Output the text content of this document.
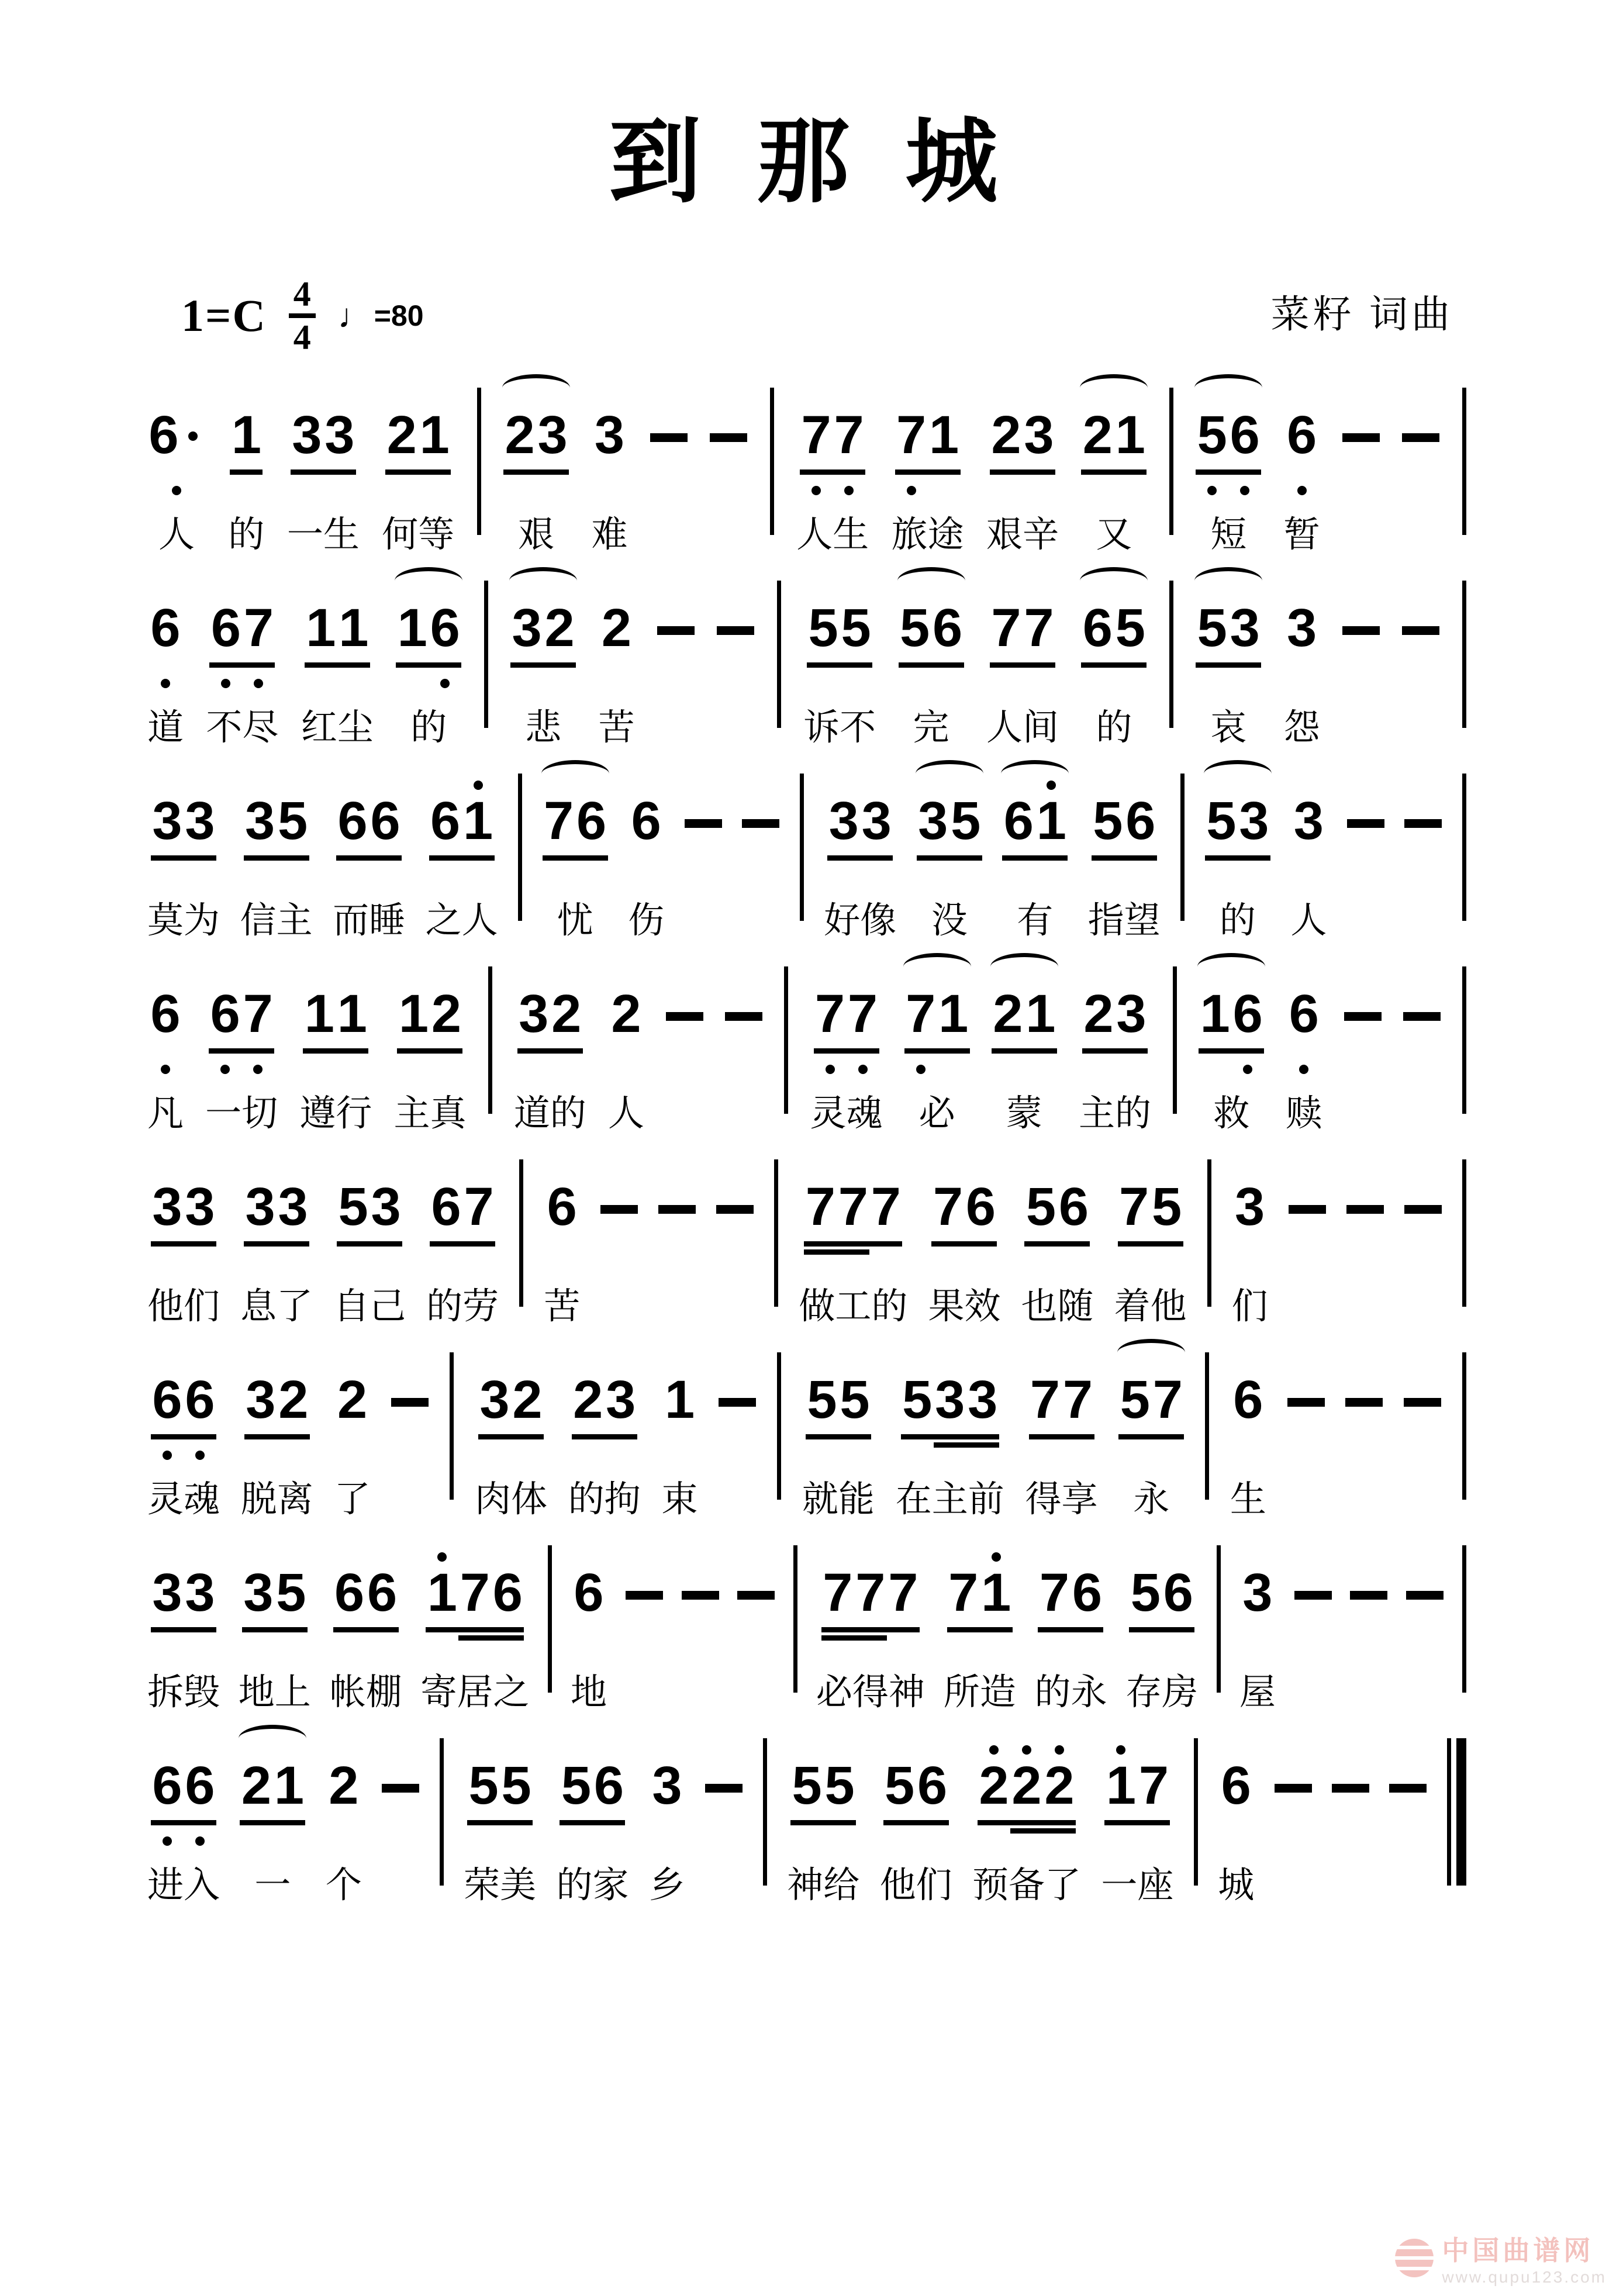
到 那 城
$1=C \frac{4}{4}$ ♩ =80	菜籽 词曲
6
人
1
的
3 3
一生
2 1
何等
2 3
艰
3
难
7 7
人生
7 1
旅途
2 3
艰辛
2 1
又
5 6
短
6
暂
6
道
6 7
不尽
1 1
红尘
1 6
的
3 2
悲
2
苦
5 5
诉不
5 6
完
7 7
人间
6 5
的
5 3
哀
3
怨
3 3
莫为
3 5
信主
6 6
而睡
6 1
之人
7 6
忧
6
伤
3 3
好像
3 5
没
6 1
有
5 6
指望
5 3
的
3
人
6
凡
6 7
一切
1 1
遵行
1 2
主真
3 2
道的
2
人
7 7
灵魂
7 1
必
2 1
蒙
2 3
主的
1 6
救
6
赎
3 3
他们
3 3
息了
5 3
自己
6 7
的劳
6
苦
7 7 7
做工的
7 6
果效
5 6
也随
7 5
着他
3
们
6 6
灵魂
3 2
脱离
2
了
3 2
肉体
2 3
的拘
1
束
5 5
就能
5 3 3
在主前
7 7
得享
5 7
永
6
生
3 3
拆毁
3 5
地上
6 6
帐棚
1 7 6
寄居之
6
地
7 7 7
必得神
7 1
所造
7 6
的永
5 6
存房
3
屋
6 6
进入
2 1
一
2
个
5 5
荣美
5 6
的家
3
乡
5 5
神给
5 6
他们
2 2 2
预备了
1 7
一座
6
城
中国曲谱网
www.qupu123.com
